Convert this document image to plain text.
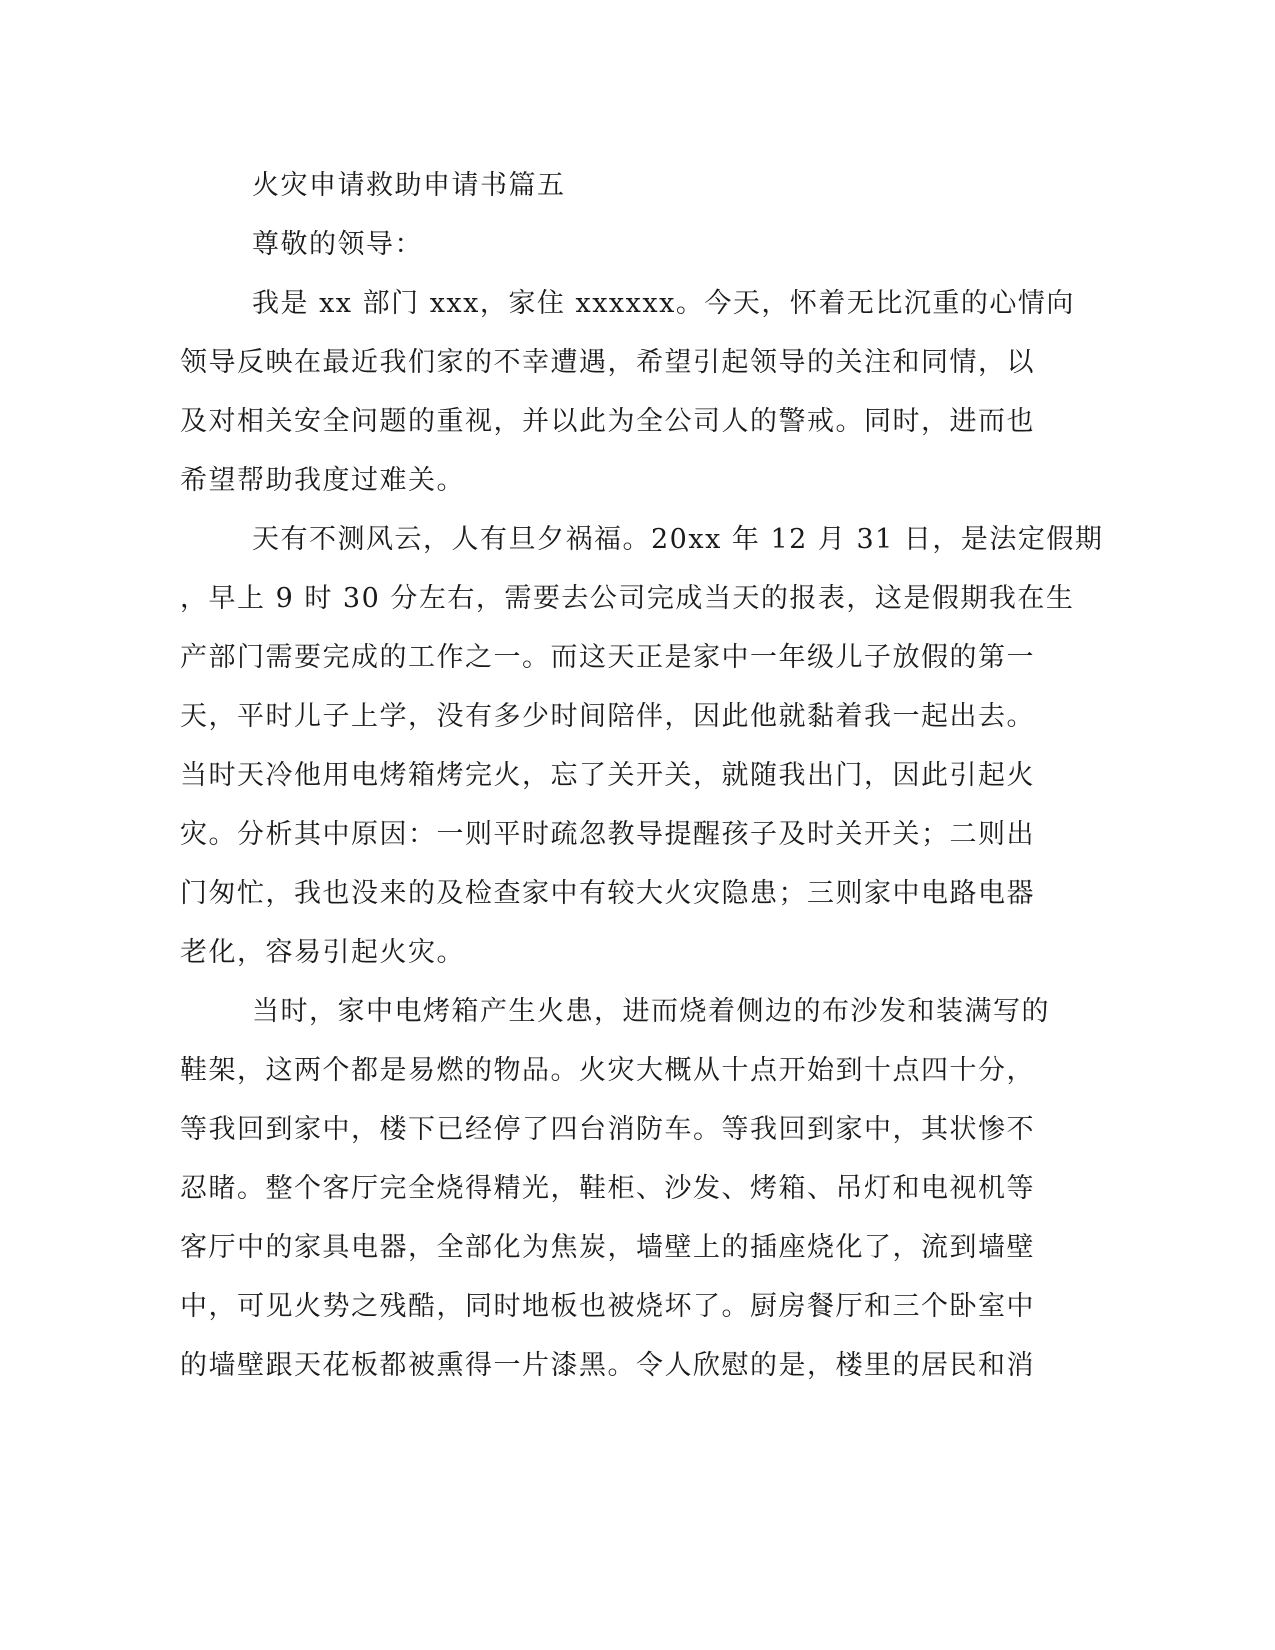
火灾申请救助申请书篇五

尊敬的领导：

我是 xx 部门 xxx，家住 xxxxxx。今天，怀着无比沉重的心情向

领导反映在最近我们家的不幸遭遇，希望引起领导的关注和同情，以

及对相关安全问题的重视，并以此为全公司人的警戒。同时，进而也

希望帮助我度过难关。

天有不测风云，人有旦夕祸福。20xx 年 12 月 31 日，是法定假期

，早上 9 时 30 分左右，需要去公司完成当天的报表，这是假期我在生

产部门需要完成的工作之一。而这天正是家中一年级儿子放假的第一

天，平时儿子上学，没有多少时间陪伴，因此他就黏着我一起出去。

当时天冷他用电烤箱烤完火，忘了关开关，就随我出门，因此引起火

灾。分析其中原因：一则平时疏忽教导提醒孩子及时关开关；二则出

门匆忙，我也没来的及检查家中有较大火灾隐患；三则家中电路电器

老化，容易引起火灾。

当时，家中电烤箱产生火患，进而烧着侧边的布沙发和装满写的

鞋架，这两个都是易燃的物品。火灾大概从十点开始到十点四十分，

等我回到家中，楼下已经停了四台消防车。等我回到家中，其状惨不

忍睹。整个客厅完全烧得精光，鞋柜、沙发、烤箱、吊灯和电视机等

客厅中的家具电器，全部化为焦炭，墙壁上的插座烧化了，流到墙壁

中，可见火势之残酷，同时地板也被烧坏了。厨房餐厅和三个卧室中

的墙壁跟天花板都被熏得一片漆黑。令人欣慰的是，楼里的居民和消
